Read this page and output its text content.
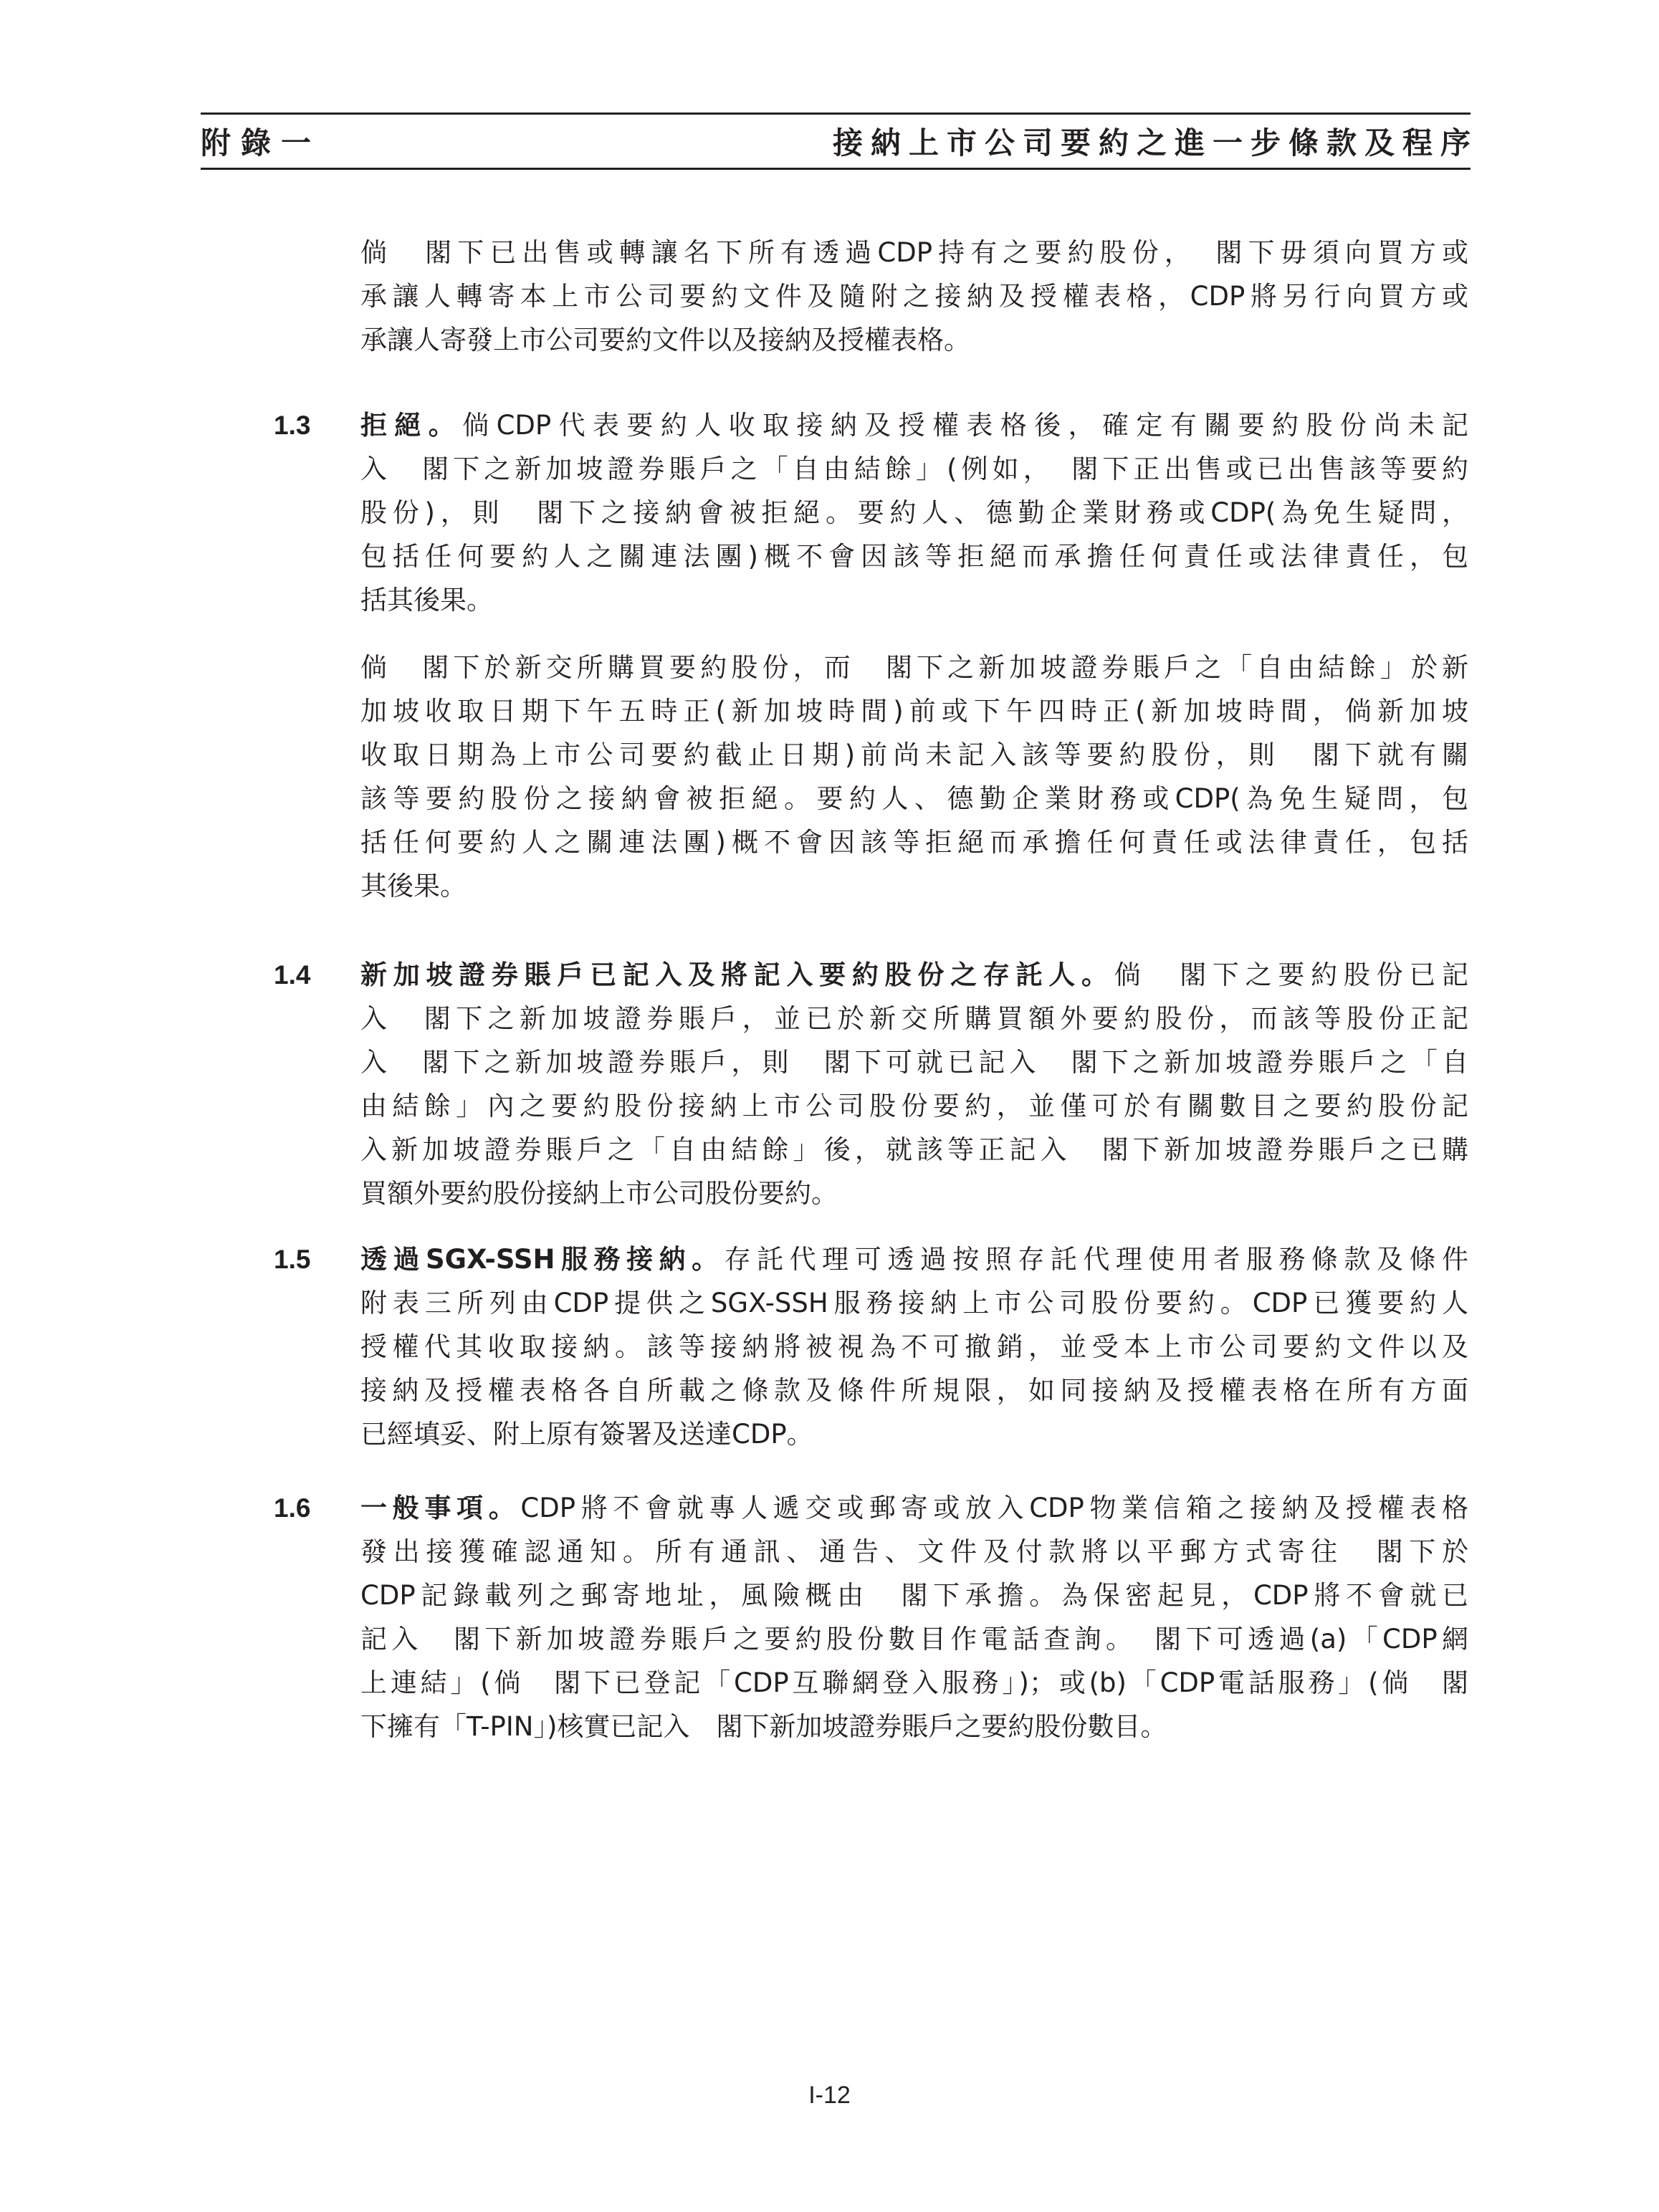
附錄一	接納上市公司要約之進一步條款及程序
倘　閣下已出售或轉讓名下所有透過CDP持有之要約股份，　閣下毋須向買方或
承讓人轉寄本上市公司要約文件及隨附之接納及授權表格，CDP將另行向買方或
承讓人寄發上市公司要約文件以及接納及授權表格。
1.3 拒絕。倘CDP代表要約人收取接納及授權表格後，確定有關要約股份尚未記
入　閣下之新加坡證券賬戶之「自由結餘」(例如，　閣下正出售或已出售該等要約
股份)，則　閣下之接納會被拒絕。要約人、德勤企業財務或CDP(為免生疑問，
包括任何要約人之關連法團)概不會因該等拒絕而承擔任何責任或法律責任，包
括其後果。
倘　閣下於新交所購買要約股份，而　閣下之新加坡證券賬戶之「自由結餘」於新
加坡收取日期下午五時正(新加坡時間)前或下午四時正(新加坡時間，倘新加坡
收取日期為上市公司要約截止日期)前尚未記入該等要約股份，則　閣下就有關
該等要約股份之接納會被拒絕。要約人、德勤企業財務或CDP(為免生疑問，包
括任何要約人之關連法團)概不會因該等拒絕而承擔任何責任或法律責任，包括
其後果。
1.4 新加坡證券賬戶已記入及將記入要約股份之存託人。倘　閣下之要約股份已記
入　閣下之新加坡證券賬戶，並已於新交所購買額外要約股份，而該等股份正記
入　閣下之新加坡證券賬戶，則　閣下可就已記入　閣下之新加坡證券賬戶之「自
由結餘」內之要約股份接納上市公司股份要約，並僅可於有關數目之要約股份記
入新加坡證券賬戶之「自由結餘」後，就該等正記入　閣下新加坡證券賬戶之已購
買額外要約股份接納上市公司股份要約。
1.5 透過SGX-SSH服務接納。存託代理可透過按照存託代理使用者服務條款及條件
附表三所列由CDP提供之SGX-SSH服務接納上市公司股份要約。CDP已獲要約人
授權代其收取接納。該等接納將被視為不可撤銷，並受本上市公司要約文件以及
接納及授權表格各自所載之條款及條件所規限，如同接納及授權表格在所有方面
已經填妥、附上原有簽署及送達CDP。
1.6 一般事項。CDP將不會就專人遞交或郵寄或放入CDP物業信箱之接納及授權表格
發出接獲確認通知。所有通訊、通告、文件及付款將以平郵方式寄往　閣下於
CDP記錄載列之郵寄地址，風險概由　閣下承擔。為保密起見，CDP將不會就已
記入　閣下新加坡證券賬戶之要約股份數目作電話查詢。　閣下可透過(a)「CDP網
上連結」(倘　閣下已登記「CDP互聯網登入服務」)；或(b)「CDP電話服務」(倘　閣
下擁有「T-PIN」)核實已記入　閣下新加坡證券賬戶之要約股份數目。
I-12
